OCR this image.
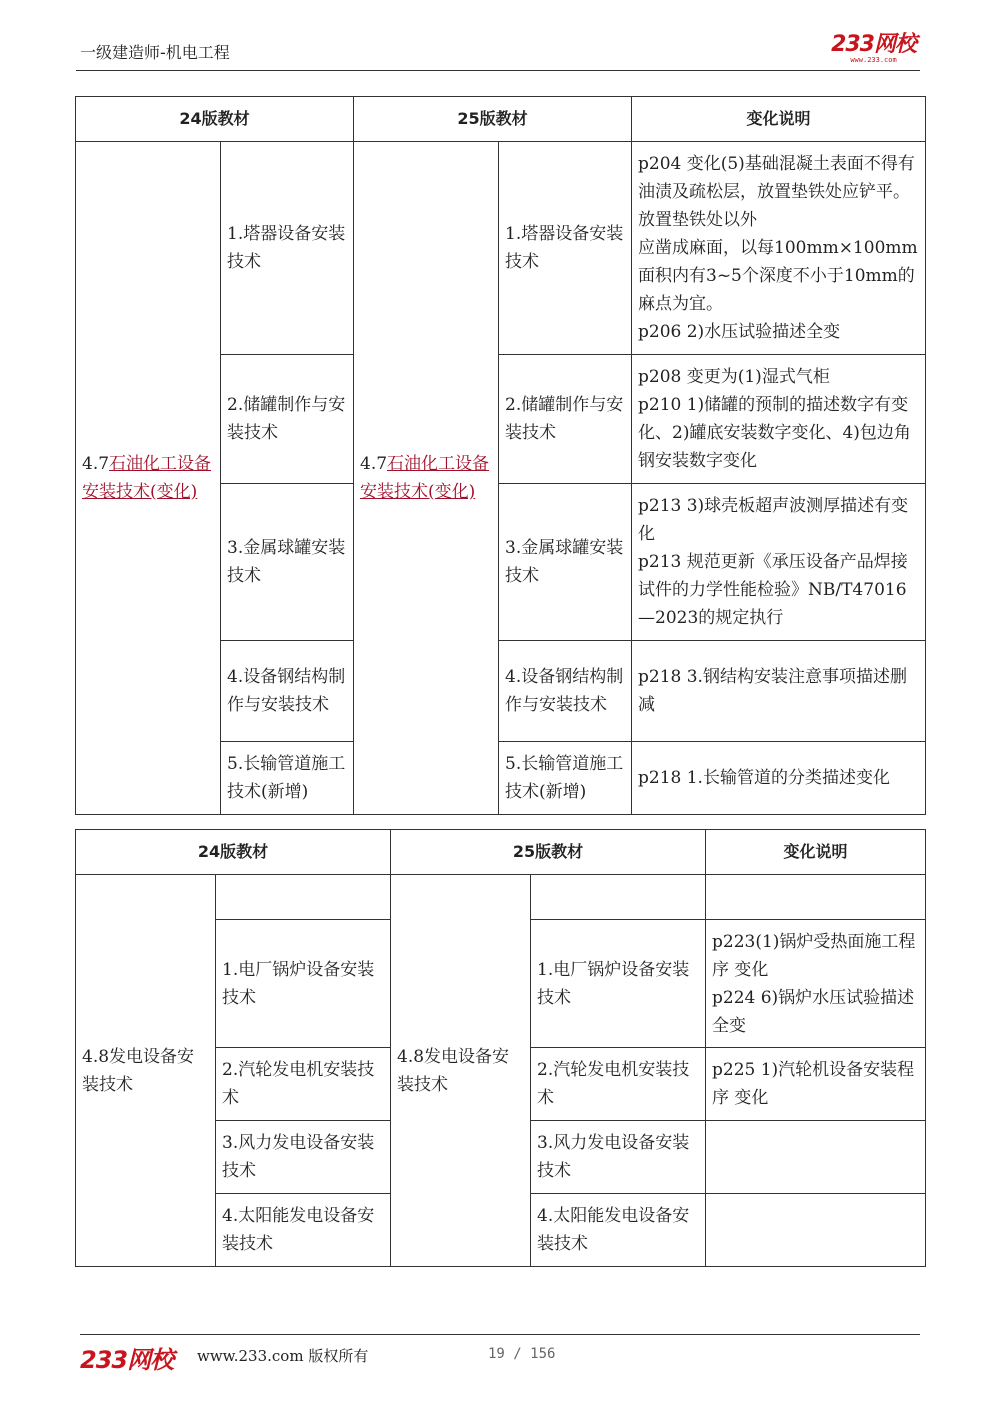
一级建造师-机电工程	233网校
www.233.com
24版教材		25版教材		变化说明
4.7石油化工设备安装技术(变化)	1.塔器设备安装技术	4.7石油化工设备安装技术(变化)	1.塔器设备安装技术	p204 变化(5)基础混凝土表面不得有油渍及疏松层，放置垫铁处应铲平。放置垫铁处以外
应凿成麻面，以每100mm×100mm面积内有3~5个深度不小于10mm的麻点为宜。
p206 2)水压试验描述全变

	2.储罐制作与安装技术		2.储罐制作与安装技术	p208 变更为(1)湿式气柜
p210 1)储罐的预制的描述数字有变化、2)罐底安装数字变化、4)包边角钢安装数字变化

	3.金属球罐安装技术		3.金属球罐安装技术	p213 3)球壳板超声波测厚描述有变化
p213 规范更新《承压设备产品焊接试件的力学性能检验》NB/T47016—2023的规定执行

	4.设备钢结构制作与安装技术		4.设备钢结构制作与安装技术	p218 3.钢结构安装注意事项描述删减

	5.长输管道施工技术(新增)		5.长输管道施工技术(新增)	p218 1.长输管道的分类描述变化
24版教材		25版教材		变化说明
4.8发电设备安装技术		4.8发电设备安装技术		
	1.电厂锅炉设备安装技术		1.电厂锅炉设备安装技术	p223(1)锅炉受热面施工程序 变化
p224 6)锅炉水压试验描述全变

	2.汽轮发电机安装技术		2.汽轮发电机安装技术	p225 1)汽轮机设备安装程序 变化

	3.风力发电设备安装技术		3.风力发电设备安装技术	
	4.太阳能发电设备安装技术		4.太阳能发电设备安装技术	
233网校 www.233.com 版权所有	19 / 156
